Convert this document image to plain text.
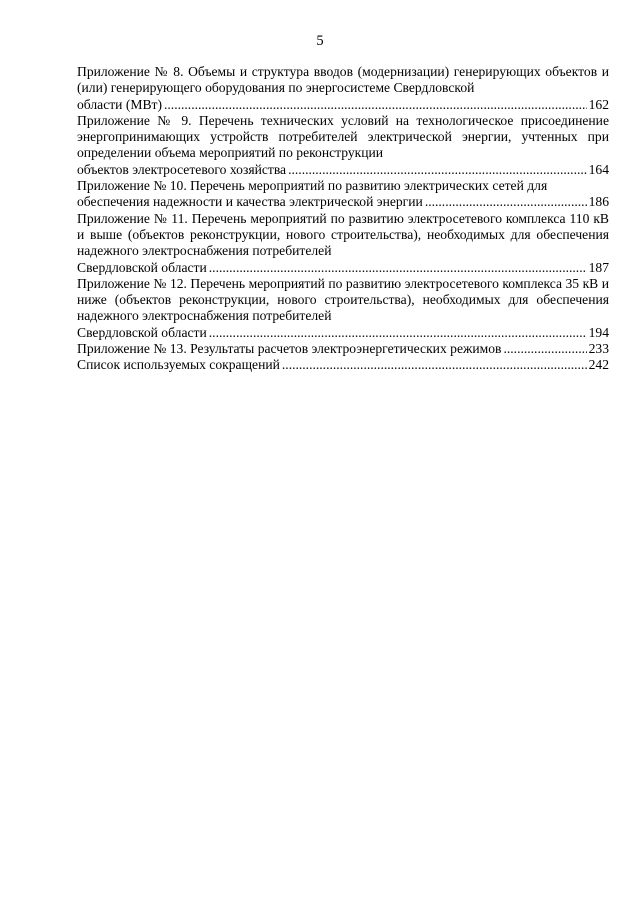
5
Приложение № 8. Объемы и структура вводов (модернизации) генерирующих объектов и (или) генерирующего оборудования по энергосистеме Свердловской
области (МВт) .....	162
Приложение № 9. Перечень технических условий на технологическое присоединение энергопринимающих устройств потребителей электрической энергии, учтенных при определении объема мероприятий по реконструкции
объектов электросетевого хозяйства .....	164
Приложение № 10. Перечень мероприятий по развитию электрических сетей для
обеспечения надежности и качества электрической энергии .....	186
Приложение № 11. Перечень мероприятий по развитию электросетевого комплекса 110 кВ и выше (объектов реконструкции, нового строительства), необходимых для обеспечения надежного электроснабжения потребителей
Свердловской области .....	187
Приложение № 12. Перечень мероприятий по развитию электросетевого комплекса 35 кВ и ниже (объектов реконструкции, нового строительства), необходимых для обеспечения надежного электроснабжения потребителей
Свердловской области .....	194
Приложение № 13. Результаты расчетов электроэнергетических режимов .....	233
Список используемых сокращений .....	242
